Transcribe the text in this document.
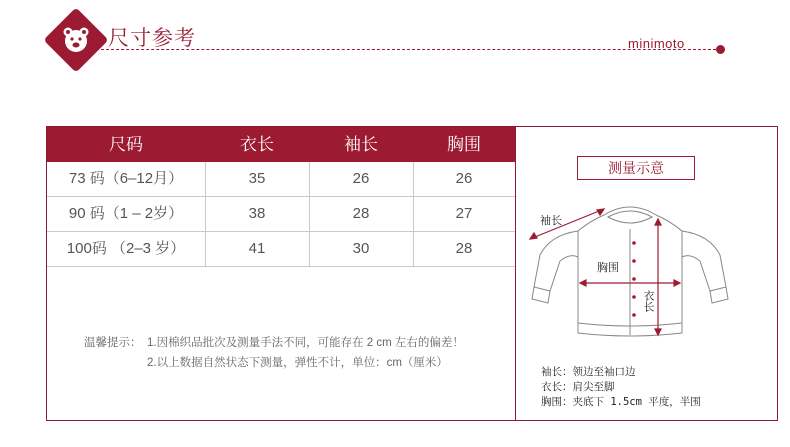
尺寸参考	minimoto
尺码	衣长	袖长	胸围
73 码（6–12月）	35	26	26
90 码（1 – 2岁）	38	28	27
100码 （2–3 岁）	41	30	28
温馨提示： 1.因棉织品批次及测量手法不同，可能存在 2 cm 左右的偏差！
2.以上数据自然状态下测量，弹性不计，单位：cm（厘米）
测量示意
袖长
胸围
衣长
袖长：领边至袖口边
衣长：肩尖至脚
胸围：夹底下 1.5cm 平度，半围
